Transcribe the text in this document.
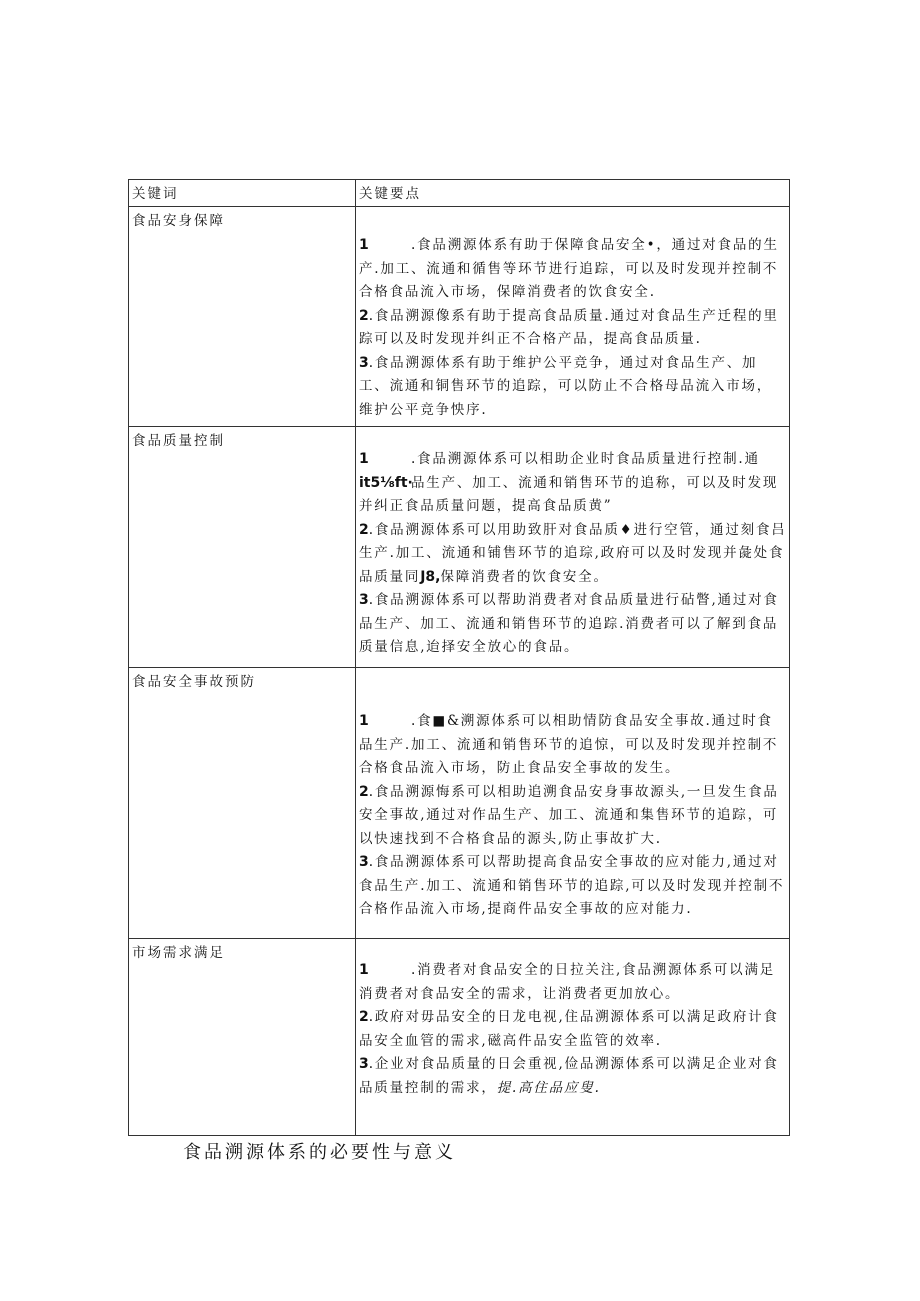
关键词	关键要点
食品安身保障	1 .食品溯源体系有助于保障食品安全•，通过对食品的生产.加工、流通和循售等环节进行追踪，可以及时发现并控制不合格食品流入市场，保障消费者的饮食安全.

2.食品溯源像系有助于提高食品质量.通过对食品生产迁程的里踪可以及时发现并纠正不合格产品，提高食品质量.

3.食品溯源体系有助于维护公平竞争，通过对食品生产、加工、流通和铜售环节的追踪，可以防止不合格母品流入市场，维护公平竞争怏序.

食品质量控制	1 .食品溯源体系可以相助企业时食品质量进行控制.通it5⅛ft·品生产、加工、流通和销售环节的追称，可以及时发现并纠正食品质量问题，提高食品质黄”

2.食品溯源体系可以用助致肝对食品质♦进行空管，通过刻食吕生产.加工、流通和铺售环节的追琮,政府可以及时发现并彘处食品质量同J8,保障消费者的饮食安全。

3.食品溯源体系可以帮助消费者对食品质量进行砧瞥,通过对食品生产、加工、流通和销售环节的追踪.消费者可以了解到食品质量信息,迨择安全放心的食品。

食品安全事故预防	1 .食■&溯源体系可以相助情防食品安全事故.通过时食品生产.加工、流通和销售环节的追惊，可以及时发现并控制不合格食品流入市场，防止食品安全事故的发生。

2.食品溯源悔系可以相助追溯食品安身事故源头,一旦发生食品安全事故,通过对作品生产、加工、流通和集售环节的追踪，可以快速找到不合格食品的源头,防止事故扩大.

3.食品溯源体系可以帮助提高食品安全事故的应对能力,通过对食品生产.加工、流通和销售环节的追踪,可以及时发现并控制不合格作品流入市场,提商件品安全事故的应对能力.

市场需求满足	1 .消费者对食品安全的日拉关注,食品溯源体系可以满足消费者对食品安全的需求，让消费者更加放心。

2.政府对毋品安全的日龙电视,住品溯源体系可以满足政府计食品安全血管的需求,磁高件品安全监管的效率.

3.企业对食品质量的日会重视,俭品溯源体系可以满足企业对食品质量控制的需求，提.高住品应叟.

食品溯源体系的必要性与意义
